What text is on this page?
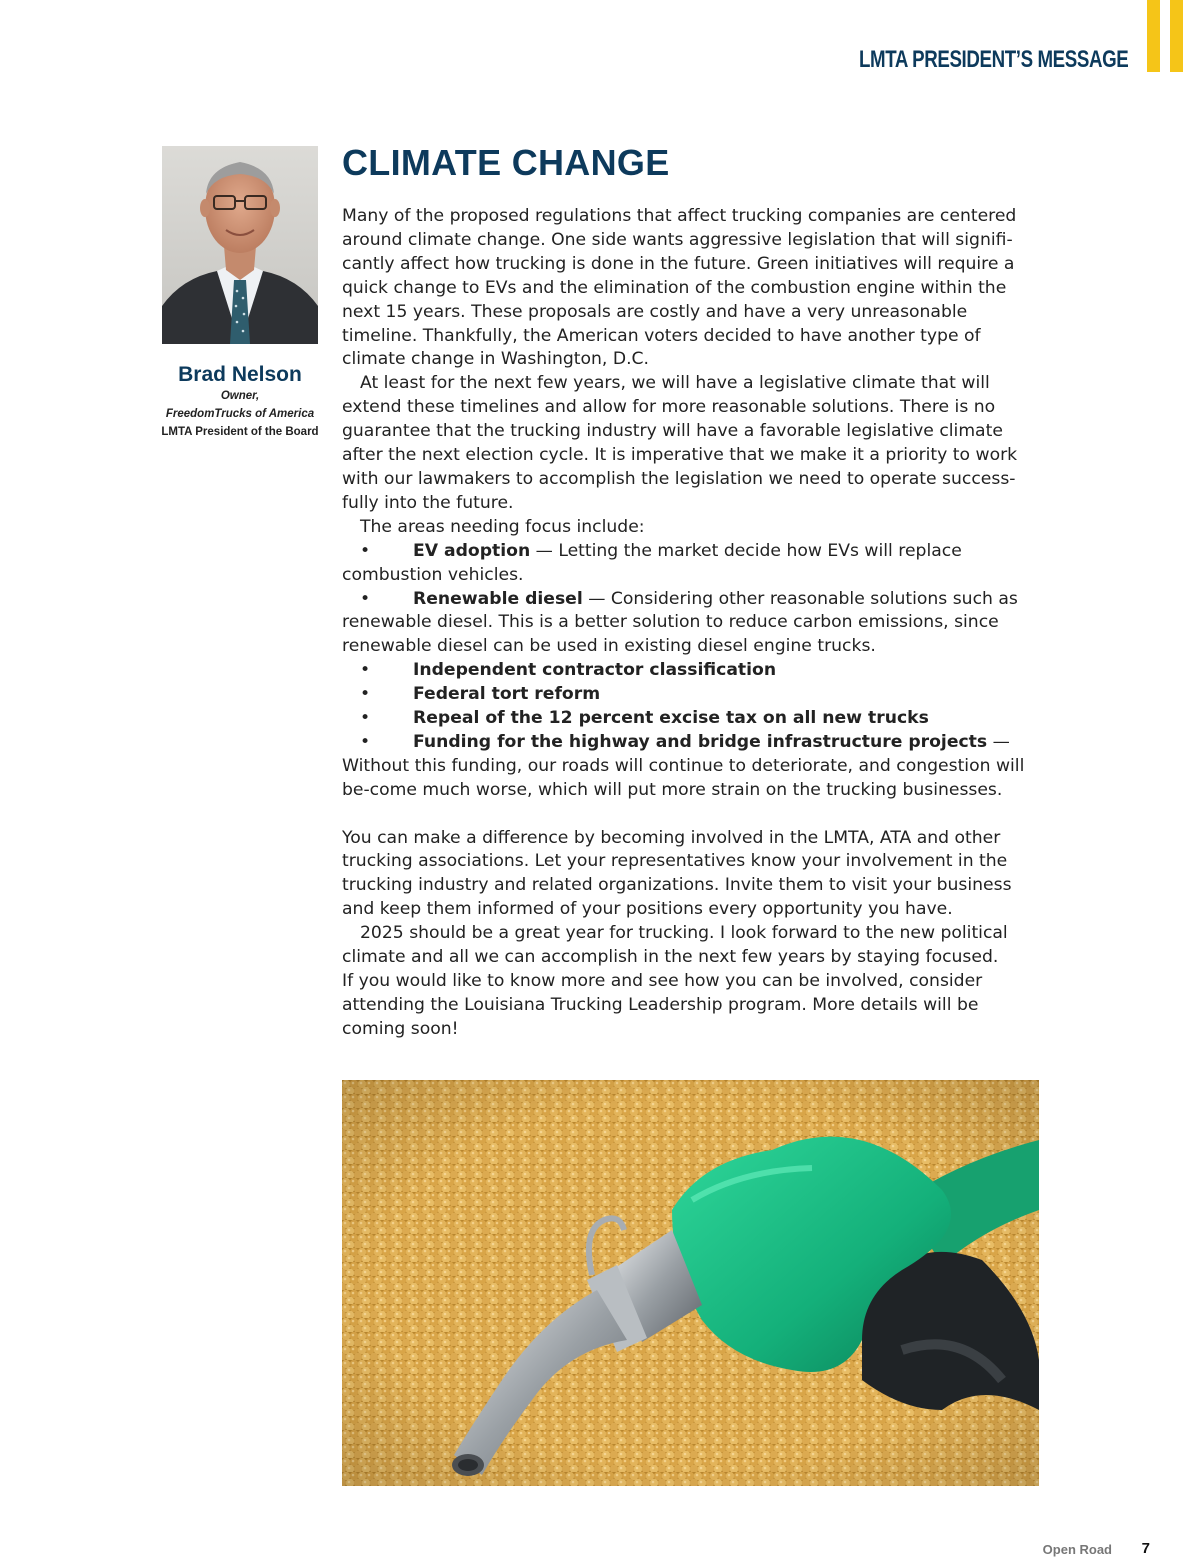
LMTA PRESIDENT’S MESSAGE
Brad Nelson
Owner,
FreedomTrucks of America
LMTA President of the Board
CLIMATE CHANGE

Many of the proposed regulations that affect trucking companies are centered around climate change. One side wants aggressive legislation that will signifi-cantly affect how trucking is done in the future. Green initiatives will require a quick change to EVs and the elimination of the combustion engine within the next 15 years. These proposals are costly and have a very unreasonable timeline. Thankfully, the American voters decided to have another type of climate change in Washington, D.C.

At least for the next few years, we will have a legislative climate that will extend these timelines and allow for more reasonable solutions. There is no guarantee that the trucking industry will have a favorable legislative climate after the next election cycle. It is imperative that we make it a priority to work with our lawmakers to accomplish the legislation we need to operate success-fully into the future.

The areas needing focus include:

• EV adoption — Letting the market decide how EVs will replace combustion vehicles.

• Renewable diesel — Considering other reasonable solutions such as renewable diesel. This is a better solution to reduce carbon emissions, since renewable diesel can be used in existing diesel engine trucks.

• Independent contractor classification

• Federal tort reform

• Repeal of the 12 percent excise tax on all new trucks

• Funding for the highway and bridge infrastructure projects — Without this funding, our roads will continue to deteriorate, and congestion will be-come much worse, which will put more strain on the trucking businesses.

You can make a difference by becoming involved in the LMTA, ATA and other trucking associations. Let your representatives know your involvement in the trucking industry and related organizations. Invite them to visit your business and keep them informed of your positions every opportunity you have.

2025 should be a great year for trucking. I look forward to the new political climate and all we can accomplish in the next few years by staying focused.

If you would like to know more and see how you can be involved, consider attending the Louisiana Trucking Leadership program. More details will be coming soon!

Open Road 7
